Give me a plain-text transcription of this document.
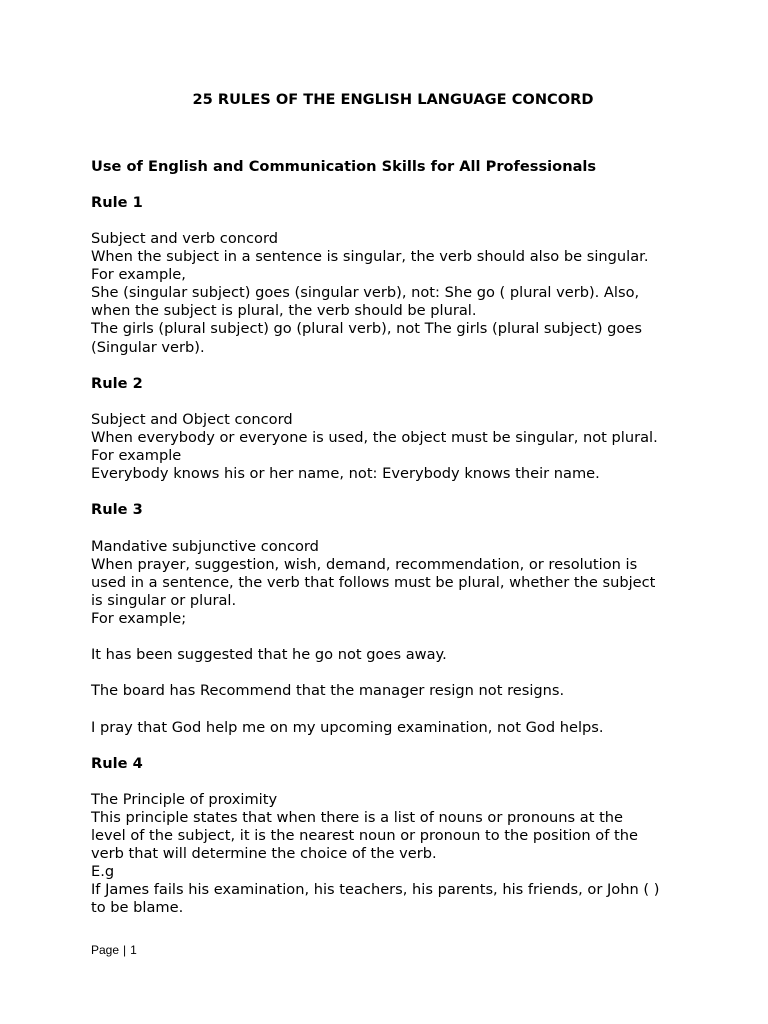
25 RULES OF THE ENGLISH LANGUAGE CONCORD

Use of English and Communication Skills for All Professionals

Rule 1

Subject and verb concord

When the subject in a sentence is singular, the verb should also be singular.

For example,

She (singular subject) goes (singular verb), not: She go ( plural verb). Also,

when the subject is plural, the verb should be plural.

The girls (plural subject) go (plural verb), not The girls (plural subject) goes

(Singular verb).

Rule 2

Subject and Object concord

When everybody or everyone is used, the object must be singular, not plural.

For example

Everybody knows his or her name, not: Everybody knows their name.

Rule 3

Mandative subjunctive concord

When prayer, suggestion, wish, demand, recommendation, or resolution is

used in a sentence, the verb that follows must be plural, whether the subject

is singular or plural.

For example;

It has been suggested that he go not goes away.

The board has Recommend that the manager resign not resigns.

I pray that God help me on my upcoming examination, not God helps.

Rule 4

The Principle of proximity

This principle states that when there is a list of nouns or pronouns at the

level of the subject, it is the nearest noun or pronoun to the position of the

verb that will determine the choice of the verb.

E.g

If James fails his examination, his teachers, his parents, his friends, or John ( )

to be blame.

Page | 1
